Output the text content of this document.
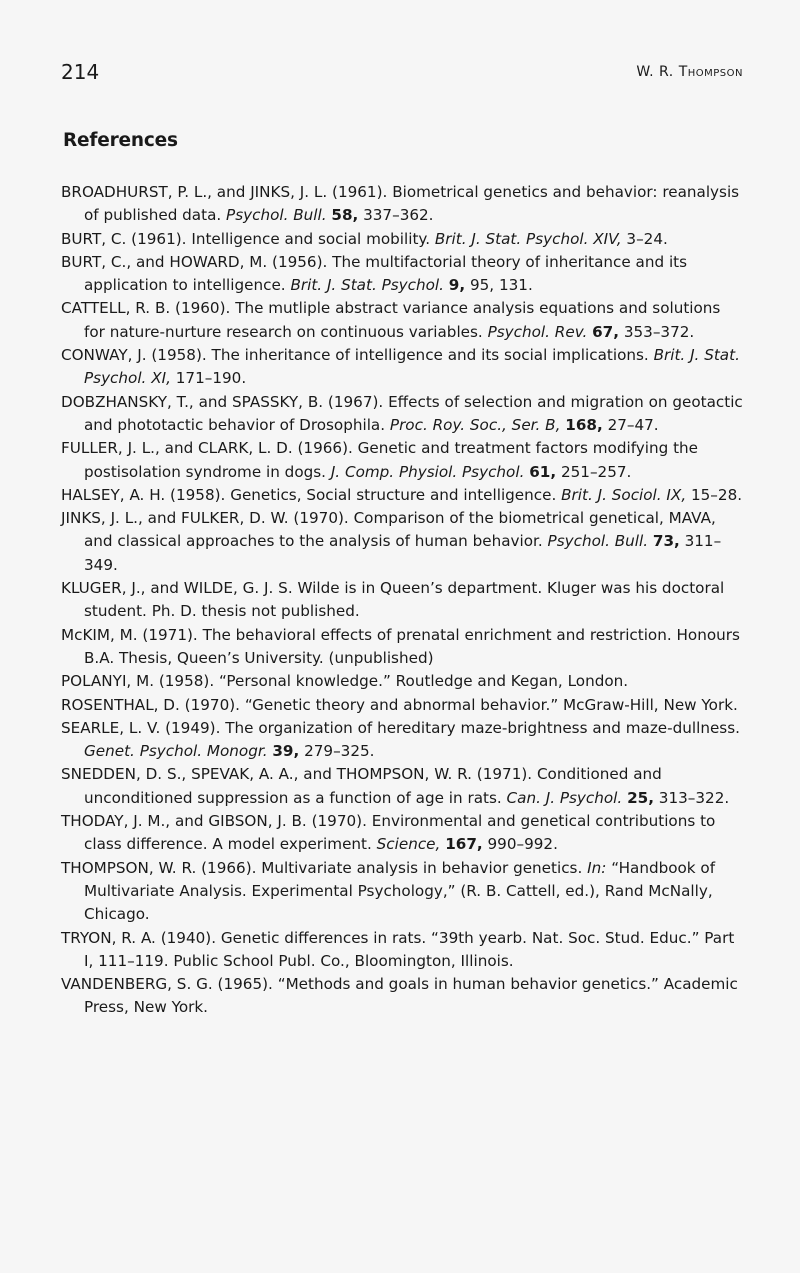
214	W. R. Thompson
References

BROADHURST, P. L., and JINKS, J. L. (1961). Biometrical genetics and behavior: reanalysis of published data. Psychol. Bull. 58, 337–362.

BURT, C. (1961). Intelligence and social mobility. Brit. J. Stat. Psychol. XIV, 3–24.

BURT, C., and HOWARD, M. (1956). The multifactorial theory of inheritance and its application to intelligence. Brit. J. Stat. Psychol. 9, 95, 131.

CATTELL, R. B. (1960). The mutliple abstract variance analysis equations and solutions for nature-nurture research on continuous variables. Psychol. Rev. 67, 353–372.

CONWAY, J. (1958). The inheritance of intelligence and its social implications. Brit. J. Stat. Psychol. XI, 171–190.

DOBZHANSKY, T., and SPASSKY, B. (1967). Effects of selection and migration on geotactic and phototactic behavior of Drosophila. Proc. Roy. Soc., Ser. B, 168, 27–47.

FULLER, J. L., and CLARK, L. D. (1966). Genetic and treatment factors modifying the postisolation syndrome in dogs. J. Comp. Physiol. Psychol. 61, 251–257.

HALSEY, A. H. (1958). Genetics, Social structure and intelligence. Brit. J. Sociol. IX, 15–28.

JINKS, J. L., and FULKER, D. W. (1970). Comparison of the biometrical genetical, MAVA, and classical approaches to the analysis of human behavior. Psychol. Bull. 73, 311–349.

KLUGER, J., and WILDE, G. J. S. Wilde is in Queen’s department. Kluger was his doctoral student. Ph. D. thesis not published.

McKIM, M. (1971). The behavioral effects of prenatal enrichment and restriction. Honours B.A. Thesis, Queen’s University. (unpublished)

POLANYI, M. (1958). “Personal knowledge.” Routledge and Kegan, London.

ROSENTHAL, D. (1970). “Genetic theory and abnormal behavior.” McGraw-Hill, New York.

SEARLE, L. V. (1949). The organization of hereditary maze-brightness and maze-dullness. Genet. Psychol. Monogr. 39, 279–325.

SNEDDEN, D. S., SPEVAK, A. A., and THOMPSON, W. R. (1971). Conditioned and unconditioned suppression as a function of age in rats. Can. J. Psychol. 25, 313–322.

THODAY, J. M., and GIBSON, J. B. (1970). Environmental and genetical contributions to class difference. A model experiment. Science, 167, 990–992.

THOMPSON, W. R. (1966). Multivariate analysis in behavior genetics. In: “Handbook of Multivariate Analysis. Experimental Psychology,” (R. B. Cattell, ed.), Rand McNally, Chicago.

TRYON, R. A. (1940). Genetic differences in rats. “39th yearb. Nat. Soc. Stud. Educ.” Part I, 111–119. Public School Publ. Co., Bloomington, Illinois.

VANDENBERG, S. G. (1965). “Methods and goals in human behavior genetics.” Academic Press, New York.
